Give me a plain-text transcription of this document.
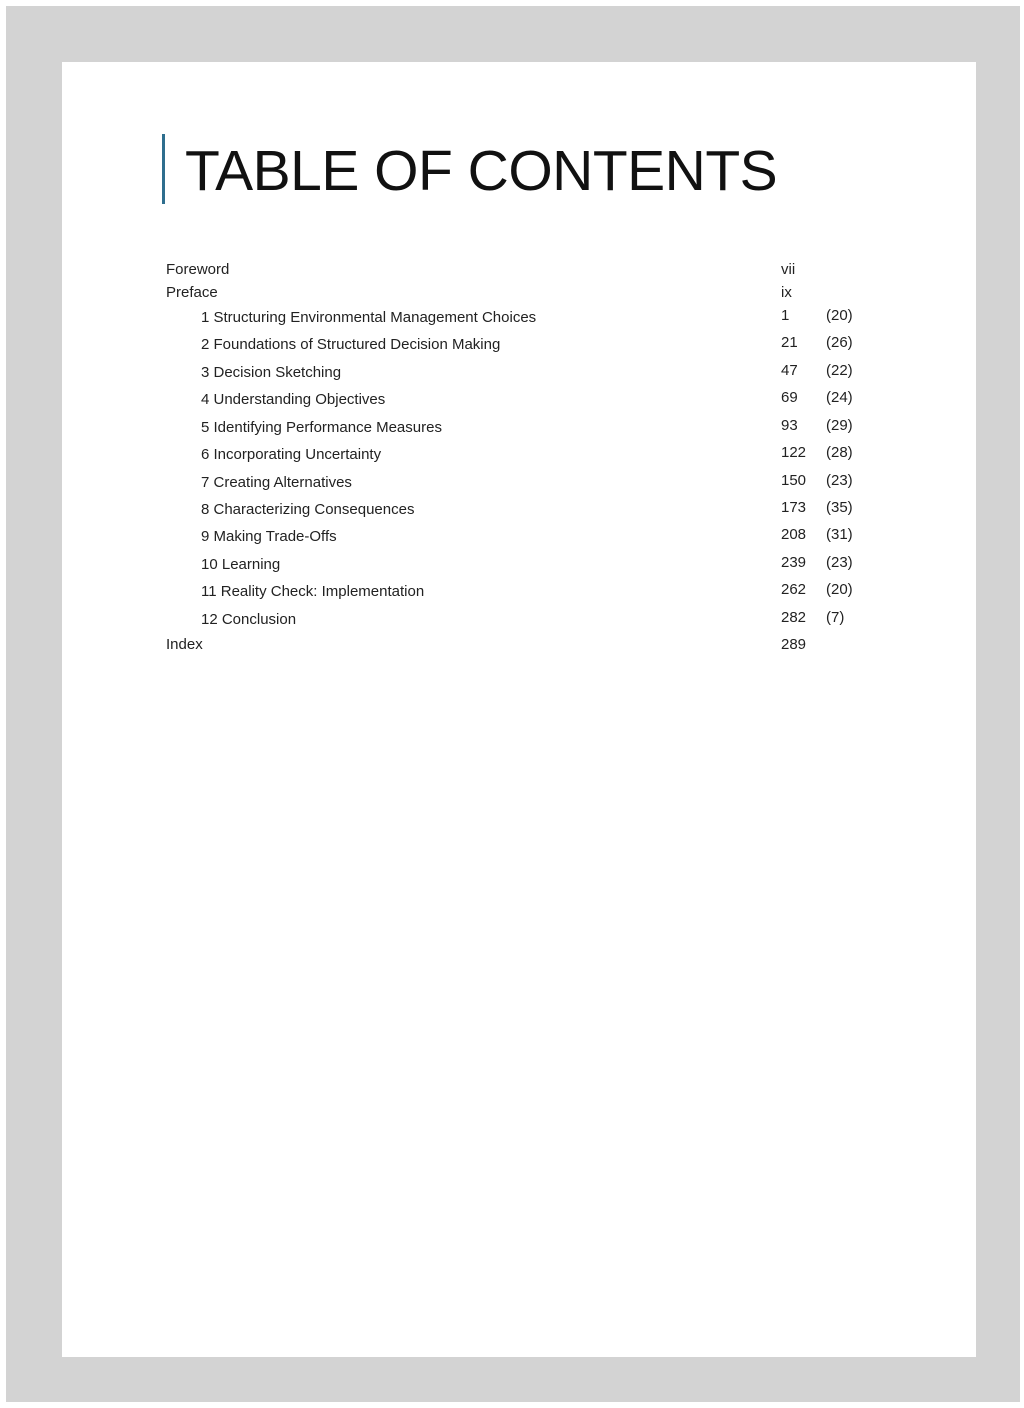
TABLE OF CONTENTS
Foreword	vii
Preface	ix
1 Structuring Environmental Management Choices	1 (20)
2 Foundations of Structured Decision Making	21 (26)
3 Decision Sketching	47 (22)
4 Understanding Objectives	69 (24)
5 Identifying Performance Measures	93 (29)
6 Incorporating Uncertainty	122 (28)
7 Creating Alternatives	150 (23)
8 Characterizing Consequences	173 (35)
9 Making Trade-Offs	208 (31)
10 Learning	239 (23)
11 Reality Check: Implementation	262 (20)
12 Conclusion	282 (7)
Index	289
